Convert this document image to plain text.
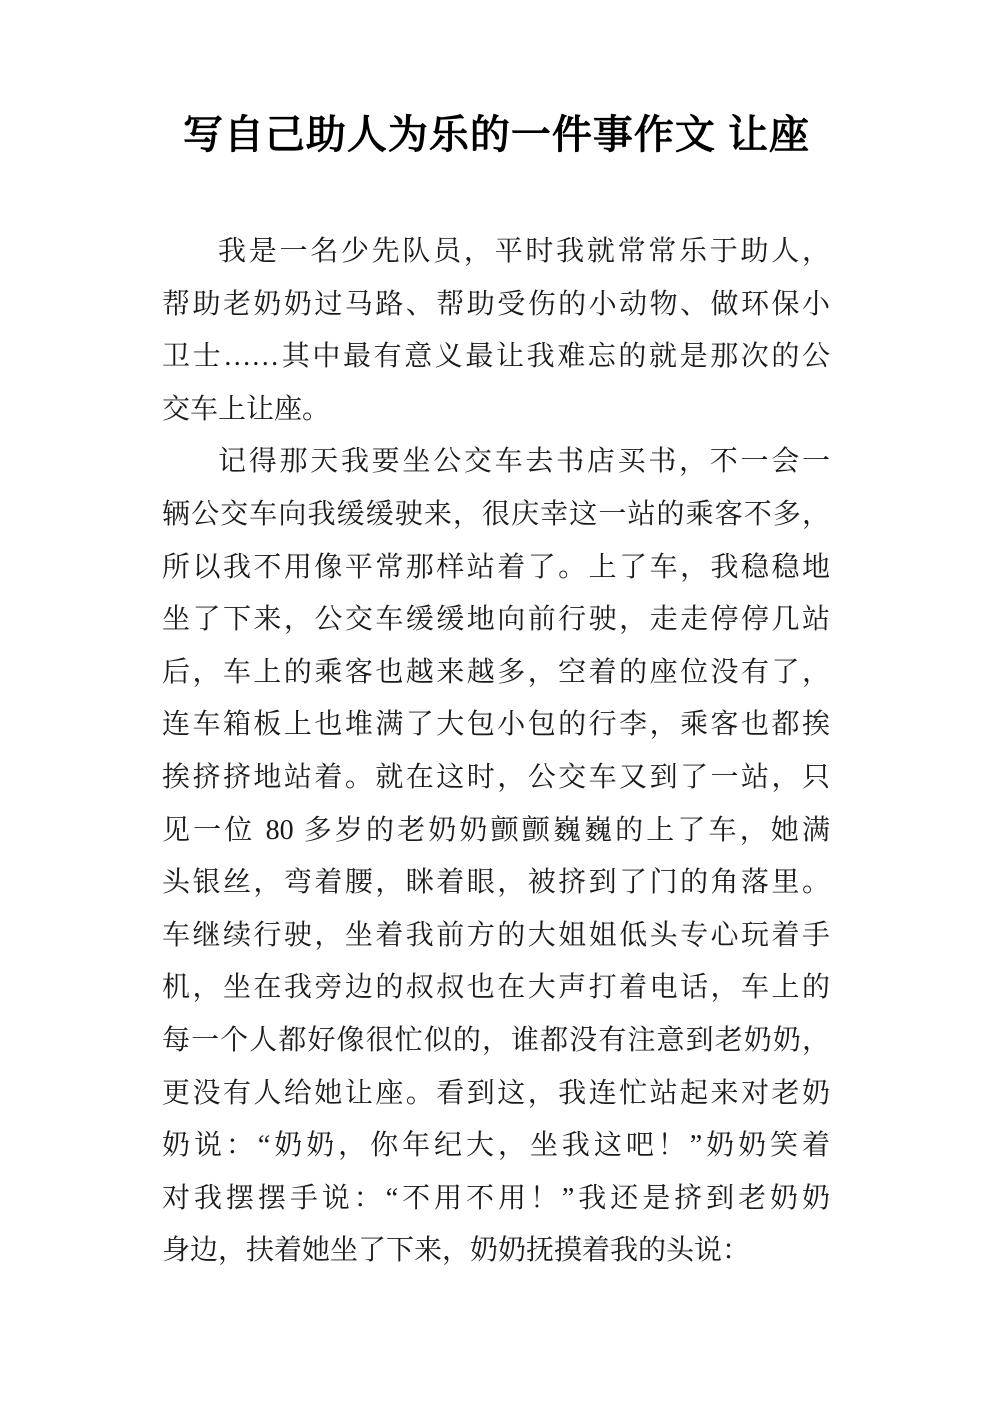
写自己助人为乐的一件事作文 让座
我是一名少先队员，平时我就常常乐于助人，
帮助老奶奶过马路、帮助受伤的小动物、做环保小
卫士……其中最有意义最让我难忘的就是那次的公
交车上让座。
记得那天我要坐公交车去书店买书，不一会一
辆公交车向我缓缓驶来，很庆幸这一站的乘客不多，
所以我不用像平常那样站着了。上了车，我稳稳地
坐了下来，公交车缓缓地向前行驶，走走停停几站
后，车上的乘客也越来越多，空着的座位没有了，
连车箱板上也堆满了大包小包的行李，乘客也都挨
挨挤挤地站着。就在这时，公交车又到了一站，只
见一位 80 多岁的老奶奶颤颤巍巍的上了车，她满
头银丝，弯着腰，眯着眼，被挤到了门的角落里。
车继续行驶，坐着我前方的大姐姐低头专心玩着手
机，坐在我旁边的叔叔也在大声打着电话，车上的
每一个人都好像很忙似的，谁都没有注意到老奶奶，
更没有人给她让座。看到这，我连忙站起来对老奶
奶说：“奶奶，你年纪大，坐我这吧！”奶奶笑着
对我摆摆手说：“不用不用！”我还是挤到老奶奶
身边，扶着她坐了下来，奶奶抚摸着我的头说：
